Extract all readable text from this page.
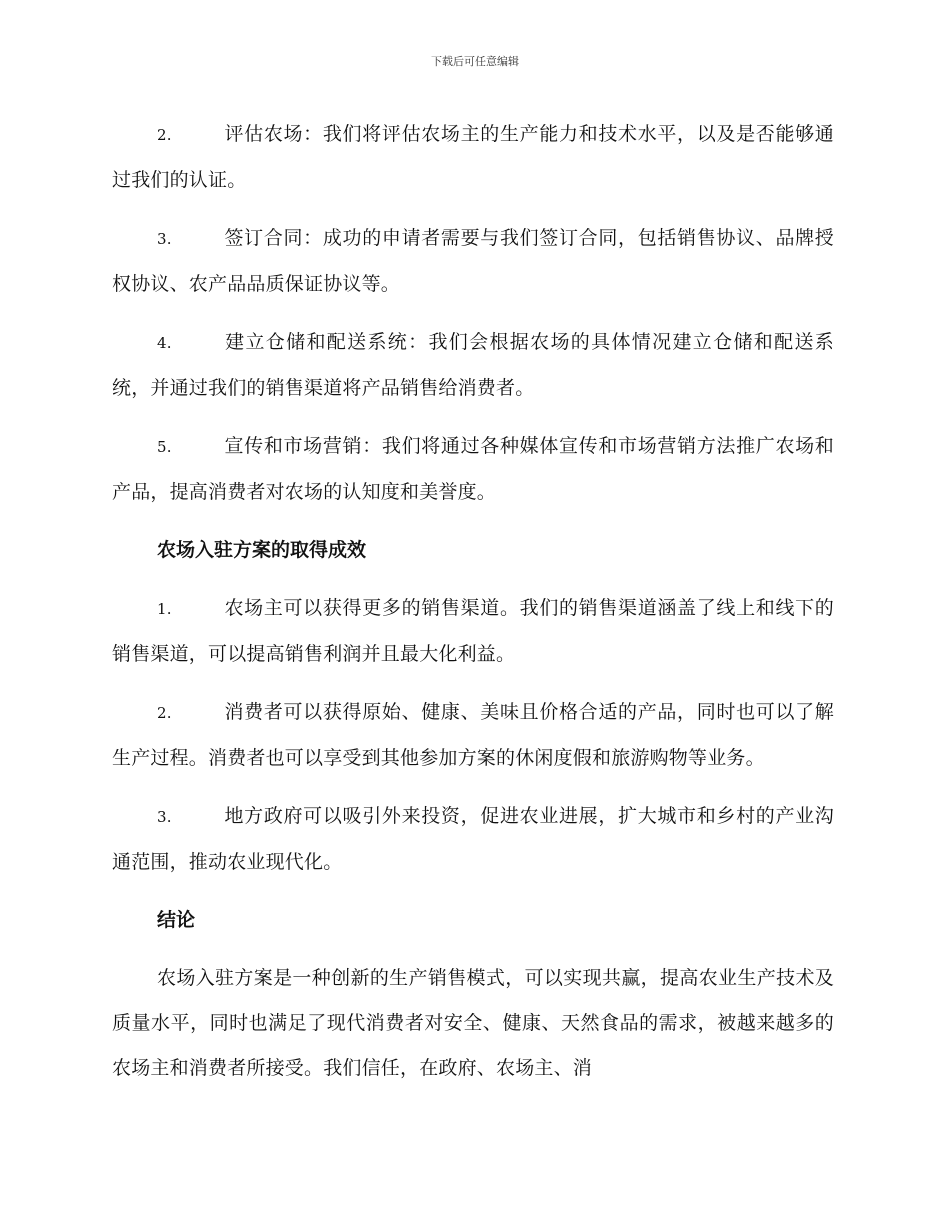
下载后可任意编辑

2.	评估农场：我们将评估农场主的生产能力和技术水平，以及是否能够通过我们的认证。

3.	签订合同：成功的申请者需要与我们签订合同，包括销售协议、品牌授权协议、农产品品质保证协议等。

4.	建立仓储和配送系统：我们会根据农场的具体情况建立仓储和配送系统，并通过我们的销售渠道将产品销售给消费者。

5.	宣传和市场营销：我们将通过各种媒体宣传和市场营销方法推广农场和产品，提高消费者对农场的认知度和美誉度。

农场入驻方案的取得成效

1.	农场主可以获得更多的销售渠道。我们的销售渠道涵盖了线上和线下的销售渠道，可以提高销售利润并且最大化利益。

2.	消费者可以获得原始、健康、美味且价格合适的产品，同时也可以了解生产过程。消费者也可以享受到其他参加方案的休闲度假和旅游购物等业务。

3.	地方政府可以吸引外来投资，促进农业进展，扩大城市和乡村的产业沟通范围，推动农业现代化。

结论

农场入驻方案是一种创新的生产销售模式，可以实现共赢，提高农业生产技术及质量水平，同时也满足了现代消费者对安全、健康、天然食品的需求，被越来越多的农场主和消费者所接受。我们信任，在政府、农场主、消
